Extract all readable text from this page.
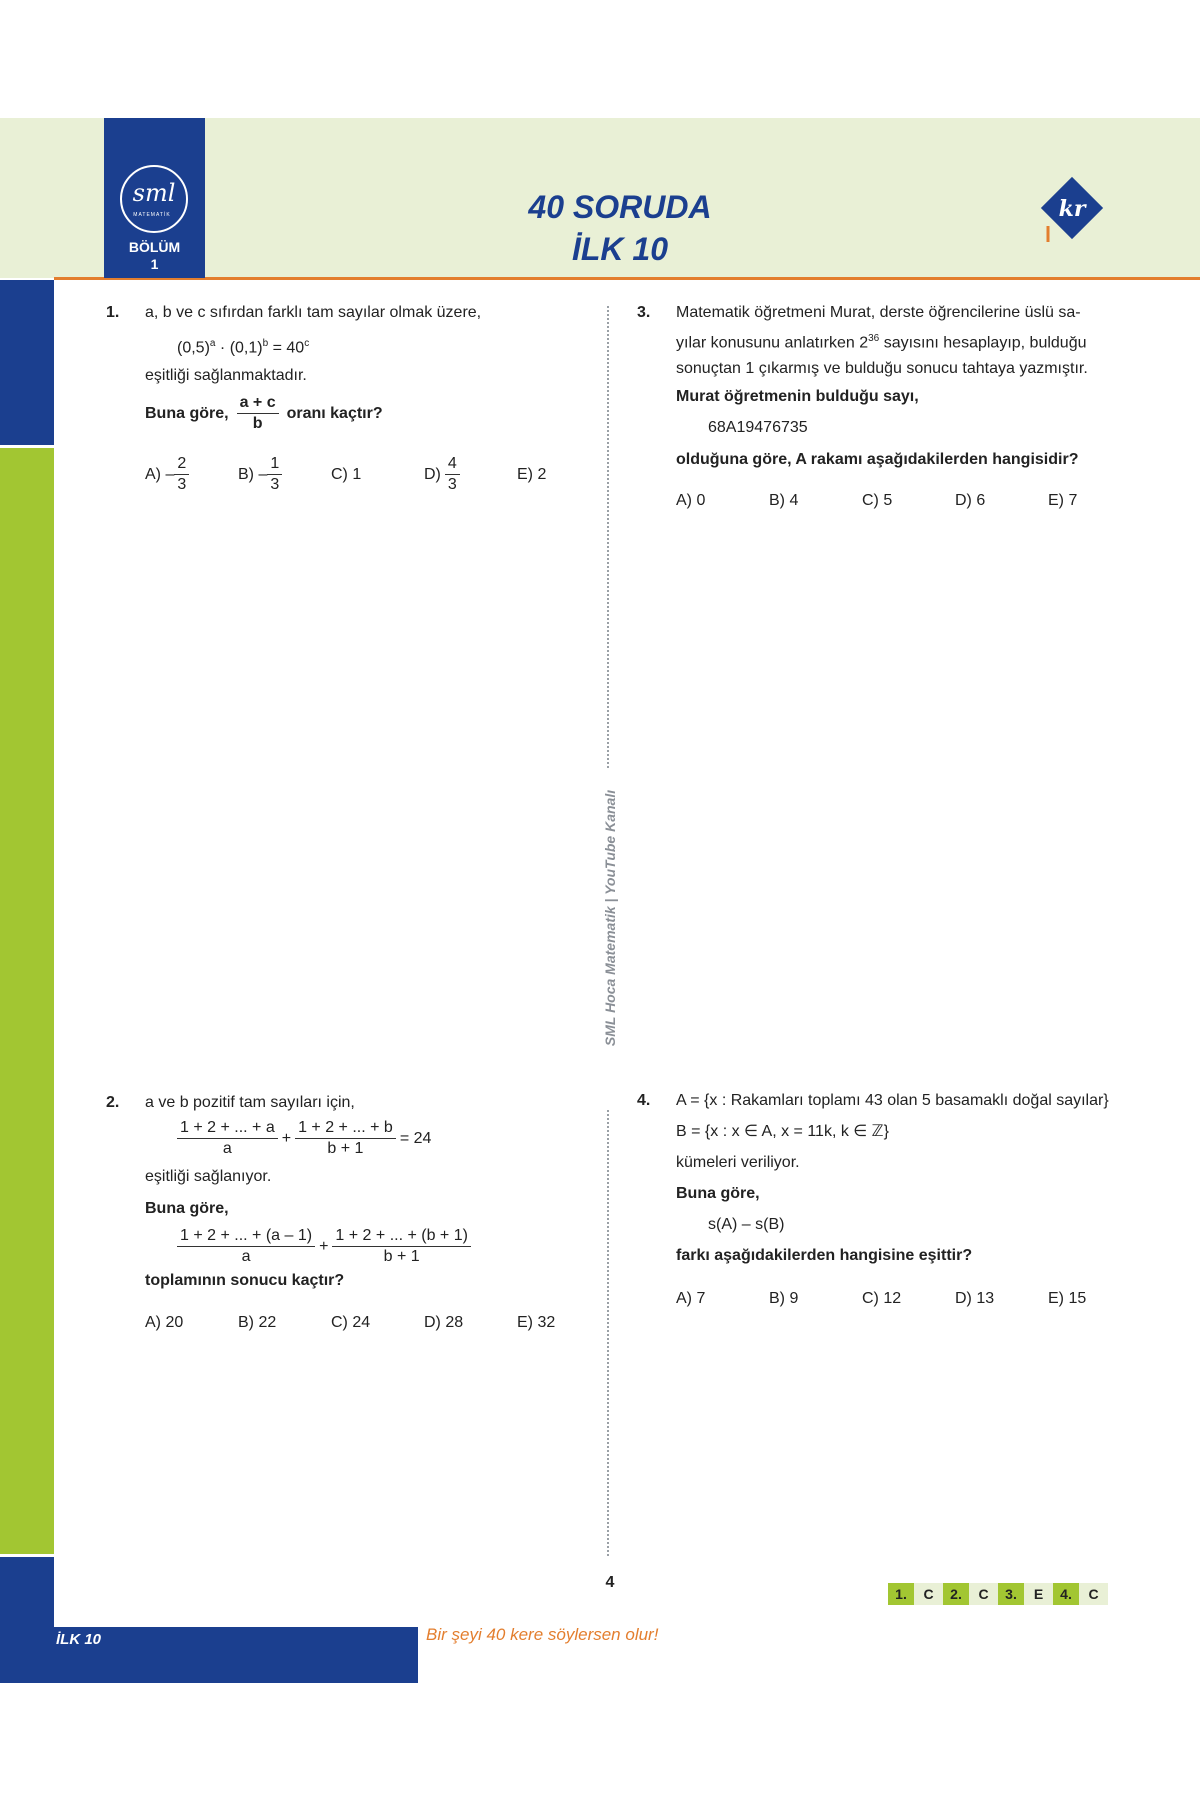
sml
MATEMATİK
BÖLÜM
1
40 SORUDA
İLK 10
kr
İLK 10	Bir şeyi 40 kere söylersen olur!
SML Hoca Matematik | YouTube Kanalı
1. a, b ve c sıfırdan farklı tam sayılar olmak üzere,
$(0,5)^a \cdot (0,1)^b = 40^c$
eşitliği sağlanmaktadır.
Buna göre, $\frac{a + c}{b}$ oranı kaçtır?
$A) - \frac{2}{3}$	$B) - \frac{1}{3}$	C) 1	$D) \frac{4}{3}$	E) 2
2. a ve b pozitif tam sayıları için,
$\frac{1 + 2 + ... + a}{a} + \frac{1 + 2 + ... + b}{b + 1} = 24$
eşitliği sağlanıyor.
Buna göre,
$\frac{1 + 2 + ... + (a - 1)}{a} + \frac{1 + 2 + ... + (b + 1)}{b + 1}$
toplamının sonucu kaçtır?
A) 20	B) 22	C) 24	D) 28	E) 32
3. Matematik öğretmeni Murat, derste öğrencilerine üslü sa-
yılar konusunu anlatırken $2^{36}$ sayısını hesaplayıp, bulduğu
sonuçtan 1 çıkarmış ve bulduğu sonucu tahtaya yazmıştır.
Murat öğretmenin bulduğu sayı,
68A19476735
olduğuna göre, A rakamı aşağıdakilerden hangisidir?
A) 0	B) 4	C) 5	D) 6	E) 7
4. A = {x : Rakamları toplamı 43 olan 5 basamaklı doğal sayılar}
B = {x : x ∈ A, x = 11k, k ∈ ℤ}
kümeleri veriliyor.
Buna göre,
s(A) – s(B)
farkı aşağıdakilerden hangisine eşittir?
A) 7	B) 9	C) 12	D) 13	E) 15
4
1.	C	2.	C	3.	E	4.	C
